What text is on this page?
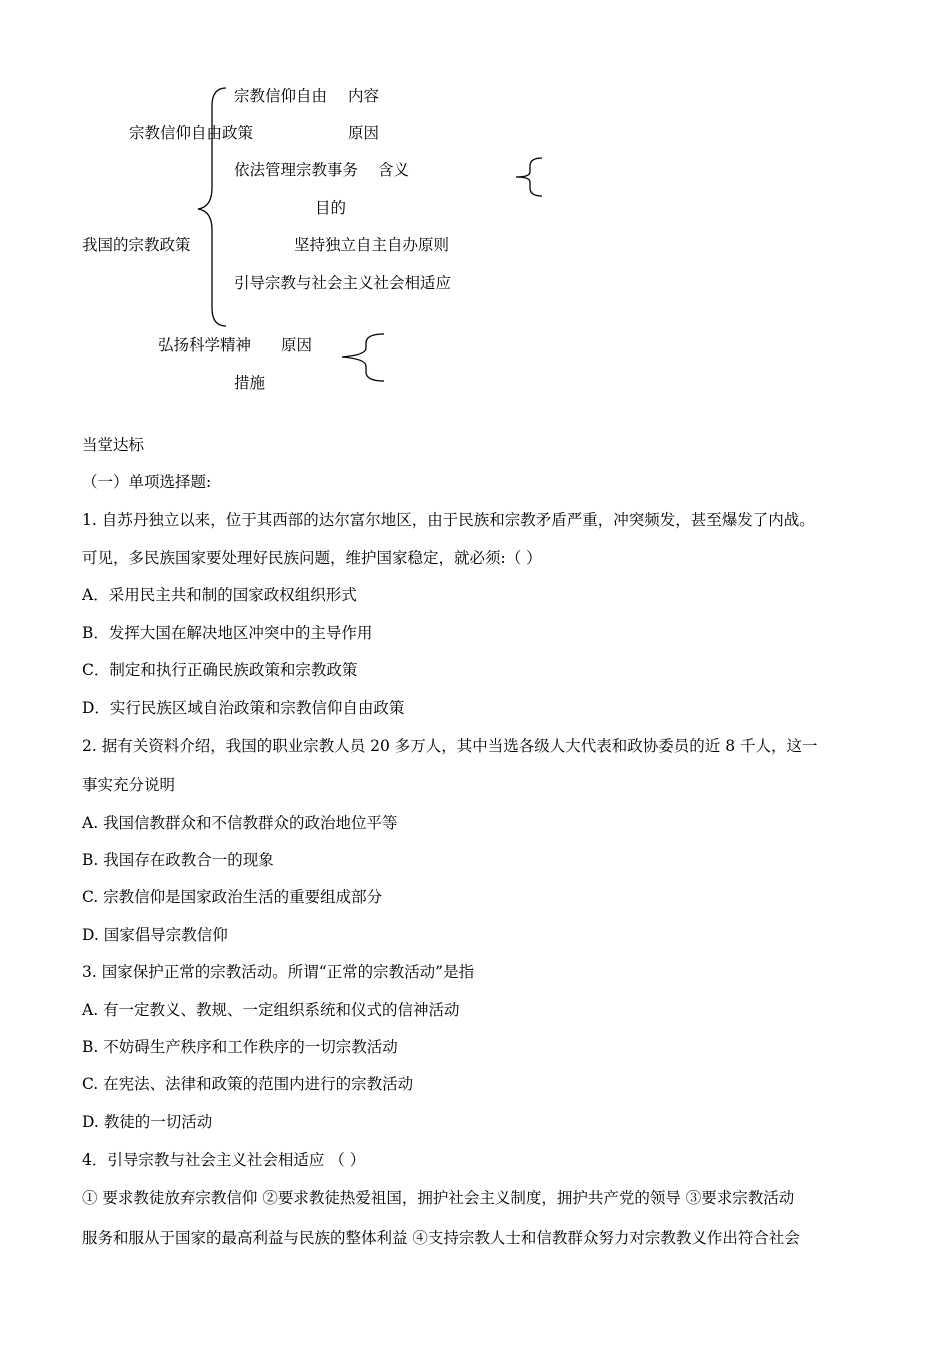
宗教信仰自由 内容
宗教信仰自由政策	原因
依法管理宗教事务 含义
目的
我国的宗教政策	坚持独立自主自办原则
引导宗教与社会主义社会相适应
弘扬科学精神 原因
措施
当堂达标
（一）单项选择题:
1. 自苏丹独立以来，位于其西部的达尔富尔地区，由于民族和宗教矛盾严重，冲突频发，甚至爆发了内战。
可见，多民族国家要处理好民族问题，维护国家稳定，就必须:（ ）
A．采用民主共和制的国家政权组织形式
B．发挥大国在解决地区冲突中的主导作用
C．制定和执行正确民族政策和宗教政策
D．实行民族区域自治政策和宗教信仰自由政策
2. 据有关资料介绍，我国的职业宗教人员 20 多万人，其中当选各级人大代表和政协委员的近 8 千人，这一
事实充分说明
A. 我国信教群众和不信教群众的政治地位平等
B. 我国存在政教合一的现象
C. 宗教信仰是国家政治生活的重要组成部分
D. 国家倡导宗教信仰
3. 国家保护正常的宗教活动。所谓“正常的宗教活动”是指
A. 有一定教义、教规、一定组织系统和仪式的信神活动
B. 不妨碍生产秩序和工作秩序的一切宗教活动
C. 在宪法、法律和政策的范围内进行的宗教活动
D. 教徒的一切活动
4．引导宗教与社会主义社会相适应 （ ）
① 要求教徒放弃宗教信仰 ②要求教徒热爱祖国，拥护社会主义制度，拥护共产党的领导 ③要求宗教活动
服务和服从于国家的最高利益与民族的整体利益 ④支持宗教人士和信教群众努力对宗教教义作出符合社会
